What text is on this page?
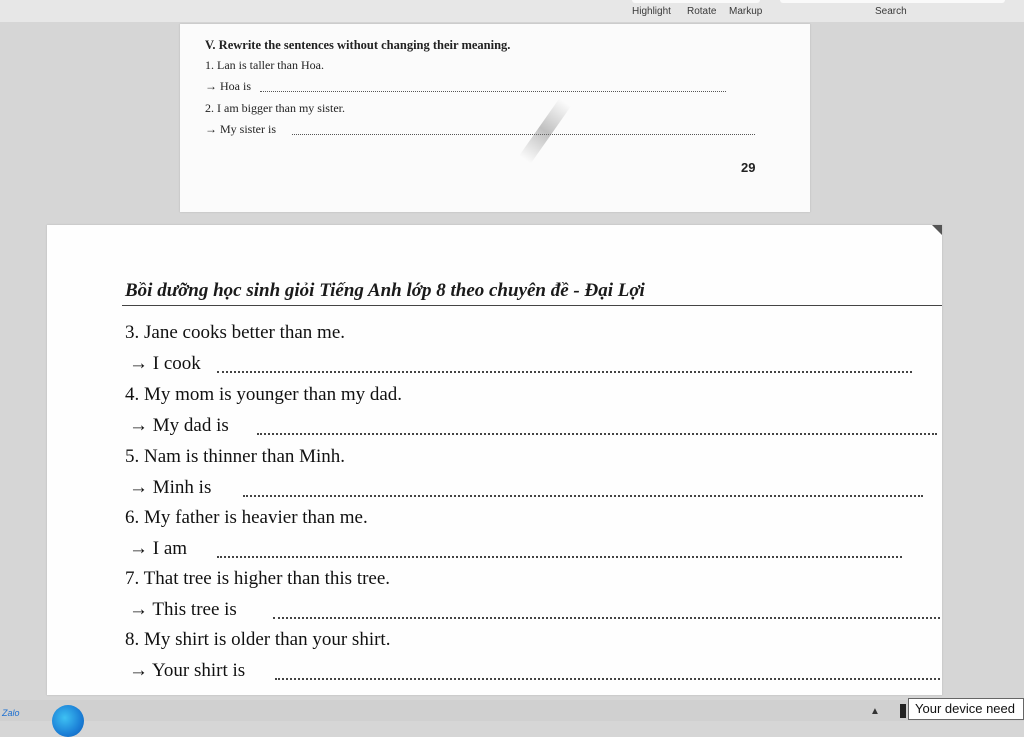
Highlight Rotate Markup	Search
V. Rewrite the sentences without changing their meaning.
1. Lan is taller than Hoa.
→ Hoa is
2. I am bigger than my sister.
→ My sister is
29
Bồi dưỡng học sinh giỏi Tiếng Anh lớp 8 theo chuyên đề - Đại Lợi
3. Jane cooks better than me.
→ I cook
4. My mom is younger than my dad.
→ My dad is
5. Nam is thinner than Minh.
→ Minh is
6. My father is heavier than me.
→ I am
7. That tree is higher than this tree.
→ This tree is
8. My shirt is older than your shirt.
→ Your shirt is
Zalo	▲	Your device need
